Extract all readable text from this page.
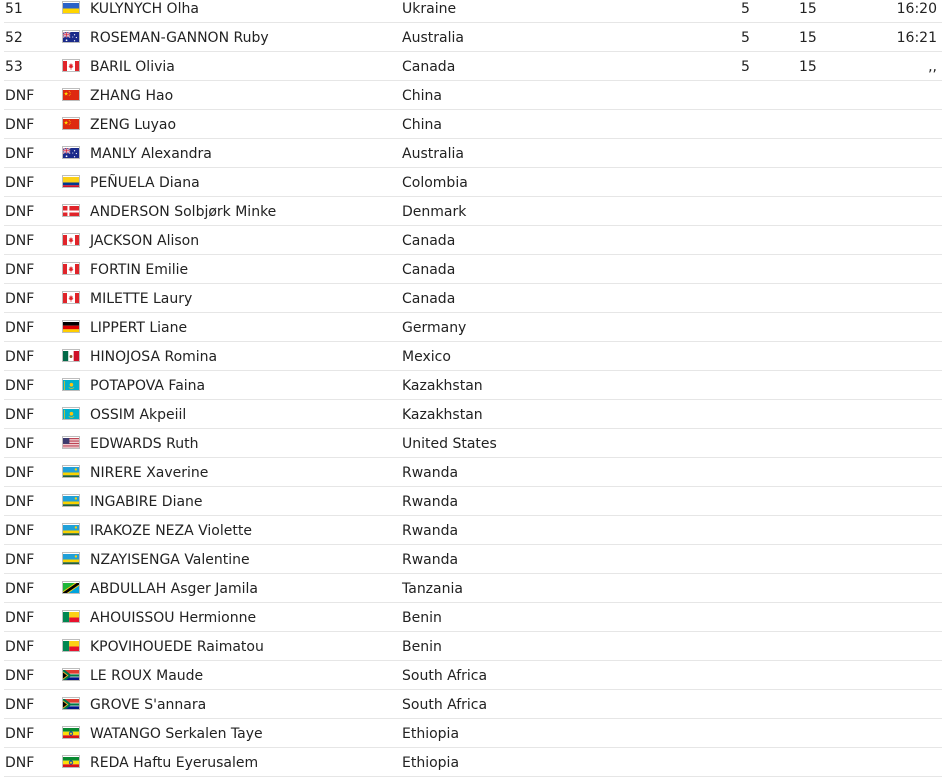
51	KULYNYCH Olha	Ukraine	5	15	16:20
52	ROSEMAN-GANNON Ruby	Australia	5	15	16:21
53	BARIL Olivia	Canada	5	15	,,
DNF	ZHANG Hao	China
DNF	ZENG Luyao	China
DNF	MANLY Alexandra	Australia
DNF	PEÑUELA Diana	Colombia
DNF	ANDERSON Solbjørk Minke	Denmark
DNF	JACKSON Alison	Canada
DNF	FORTIN Emilie	Canada
DNF	MILETTE Laury	Canada
DNF	LIPPERT Liane	Germany
DNF	HINOJOSA Romina	Mexico
DNF	POTAPOVA Faina	Kazakhstan
DNF	OSSIM Akpeiil	Kazakhstan
DNF	EDWARDS Ruth	United States
DNF	NIRERE Xaverine	Rwanda
DNF	INGABIRE Diane	Rwanda
DNF	IRAKOZE NEZA Violette	Rwanda
DNF	NZAYISENGA Valentine	Rwanda
DNF	ABDULLAH Asger Jamila	Tanzania
DNF	AHOUISSOU Hermionne	Benin
DNF	KPOVIHOUEDE Raimatou	Benin
DNF	LE ROUX Maude	South Africa
DNF	GROVE S'annara	South Africa
DNF	WATANGO Serkalen Taye	Ethiopia
DNF	REDA Haftu Eyerusalem	Ethiopia
